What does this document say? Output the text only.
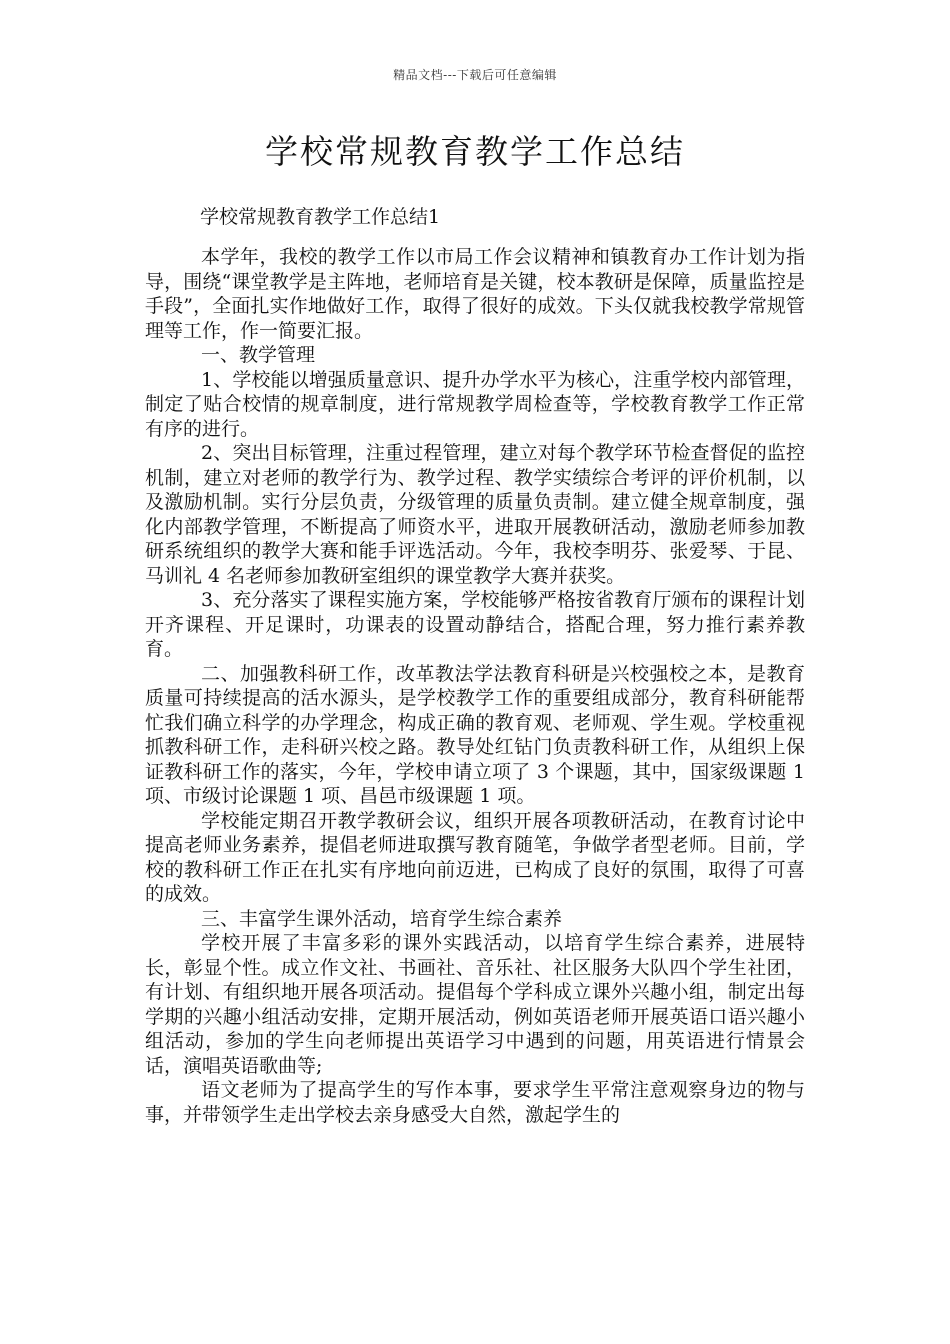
精品文档---下载后可任意编辑
学校常规教育教学工作总结

学校常规教育教学工作总结1

本学年，我校的教学工作以市局工作会议精神和镇教育办工作计划为指导，围绕“课堂教学是主阵地，老师培育是关键，校本教研是保障，质量监控是手段”，全面扎实作地做好工作，取得了很好的成效。下头仅就我校教学常规管理等工作，作一简要汇报。

一、教学管理

1、学校能以增强质量意识、提升办学水平为核心，注重学校内部管理，制定了贴合校情的规章制度，进行常规教学周检查等，学校教育教学工作正常有序的进行。

2、突出目标管理，注重过程管理，建立对每个教学环节检查督促的监控机制，建立对老师的教学行为、教学过程、教学实绩综合考评的评价机制，以及激励机制。实行分层负责，分级管理的质量负责制。建立健全规章制度，强化内部教学管理，不断提高了师资水平，进取开展教研活动，激励老师参加教研系统组织的教学大赛和能手评选活动。今年，我校李明芬、张爱琴、于昆、马训礼 4 名老师参加教研室组织的课堂教学大赛并获奖。

3、充分落实了课程实施方案，学校能够严格按省教育厅颁布的课程计划开齐课程、开足课时，功课表的设置动静结合，搭配合理，努力推行素养教育。

二、加强教科研工作，改革教法学法教育科研是兴校强校之本，是教育质量可持续提高的活水源头，是学校教学工作的重要组成部分，教育科研能帮忙我们确立科学的办学理念，构成正确的教育观、老师观、学生观。学校重视抓教科研工作，走科研兴校之路。教导处红钻门负责教科研工作，从组织上保证教科研工作的落实，今年，学校申请立项了 3 个课题，其中，国家级课题 1 项、市级讨论课题 1 项、昌邑市级课题 1 项。

学校能定期召开教学教研会议，组织开展各项教研活动，在教育讨论中提高老师业务素养，提倡老师进取撰写教育随笔，争做学者型老师。目前，学校的教科研工作正在扎实有序地向前迈进，已构成了良好的氛围，取得了可喜的成效。

三、丰富学生课外活动，培育学生综合素养

学校开展了丰富多彩的课外实践活动，以培育学生综合素养，进展特长，彰显个性。成立作文社、书画社、音乐社、社区服务大队四个学生社团，有计划、有组织地开展各项活动。提倡每个学科成立课外兴趣小组，制定出每学期的兴趣小组活动安排，定期开展活动，例如英语老师开展英语口语兴趣小组活动，参加的学生向老师提出英语学习中遇到的问题，用英语进行情景会话，演唱英语歌曲等;

语文老师为了提高学生的写作本事，要求学生平常注意观察身边的物与事，并带领学生走出学校去亲身感受大自然，激起学生的
